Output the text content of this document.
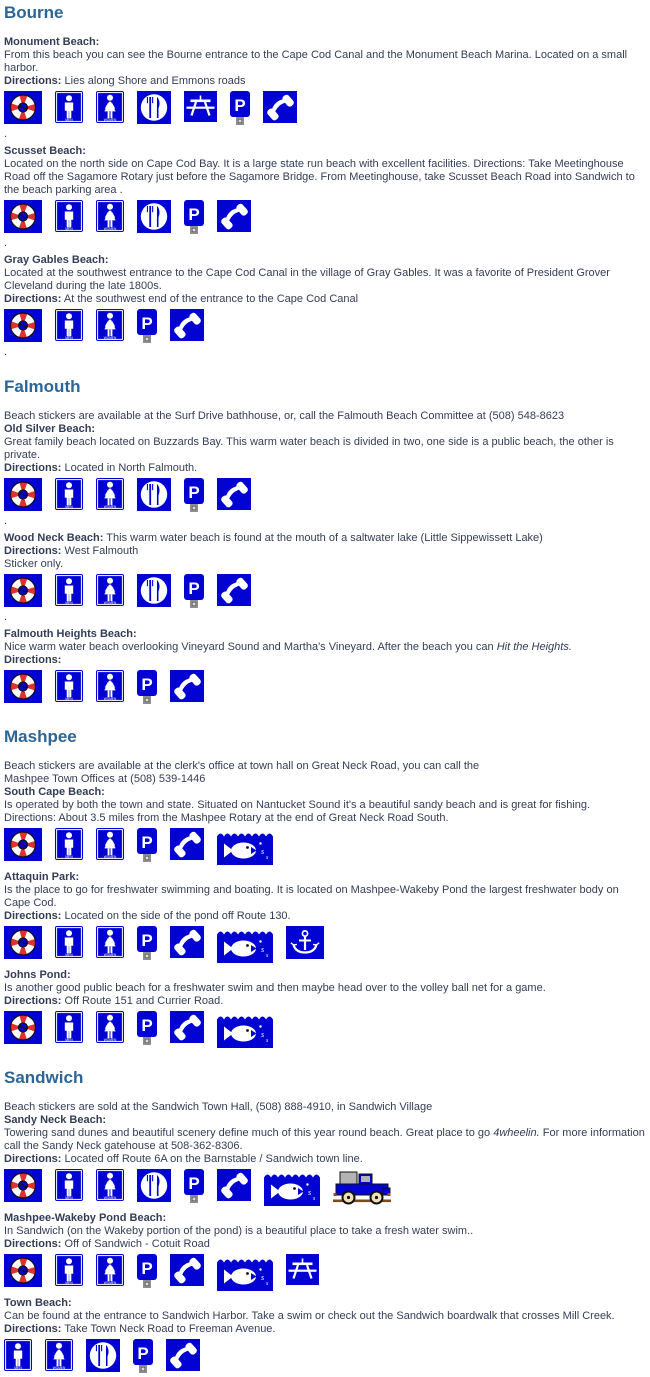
Bourne

Monument Beach:

From this beach you can see the Bourne entrance to the Cape Cod Canal and the Monument Beach Marina. Located on a small harbor.

Directions: Lies along Shore and Emmons roads

MEN	WOMEN
P

.

Scusset Beach:

Located on the north side on Cape Cod Bay. It is a large state run beach with excellent facilities. Directions: Take Meetinghouse Road off the Sagamore Rotary just before the Sagamore Bridge. From Meetinghouse, take Scusset Beach Road into Sandwich to the beach parking area .

MEN	WOMEN
P

.

Gray Gables Beach:

Located at the southwest entrance to the Cape Cod Canal in the village of Gray Gables. It was a favorite of President Grover Cleveland during the late 1800s.

Directions: At the southwest end of the entrance to the Cape Cod Canal

MEN	WOMEN
P

.

Falmouth

Beach stickers are available at the Surf Drive bathhouse, or, call the Falmouth Beach Committee at (508) 548-8623

Old Silver Beach:

Great family beach located on Buzzards Bay. This warm water beach is divided in two, one side is a public beach, the other is private.

Directions: Located in North Falmouth.

MEN	WOMEN
P

.

Wood Neck Beach: This warm water beach is found at the mouth of a saltwater lake (Little Sippewissett Lake)

Directions: West Falmouth

Sticker only.

MEN	WOMEN
P

.

Falmouth Heights Beach:

Nice warm water beach overlooking Vineyard Sound and Martha's Vineyard. After the beach you can Hit the Heights.

Directions:

MEN	WOMEN
P
Mashpee

Beach stickers are available at the clerk's office at town hall on Great Neck Road, you can call the

Mashpee Town Offices at (508) 539-1446

South Cape Beach:

Is operated by both the town and state. Situated on Nantucket Sound it's a beautiful sandy beach and is great for fishing.

Directions: About 3.5 miles from the Mashpee Rotary at the end of Great Neck Road South.

MEN	WOMEN
P	s
s

Attaquin Park:

Is the place to go for freshwater swimming and boating. It is located on Mashpee-Wakeby Pond the largest freshwater body on Cape Cod.

Directions: Located on the side of the pond off Route 130.

MEN	WOMEN
P	s
s

Johns Pond:

Is another good public beach for a freshwater swim and then maybe head over to the volley ball net for a game.

Directions: Off Route 151 and Currier Road.

MEN	WOMEN
P	s
s
Sandwich

Beach stickers are sold at the Sandwich Town Hall, (508) 888-4910, in Sandwich Village

Sandy Neck Beach:

Towering sand dunes and beautiful scenery define much of this year round beach. Great place to go 4wheelin. For more information call the Sandy Neck gatehouse at 508-362-8306.

Directions: Located off Route 6A on the Barnstable / Sandwich town line.

MEN	WOMEN
P	s
s

Mashpee-Wakeby Pond Beach:

In Sandwich (on the Wakeby portion of the pond) is a beautiful place to take a fresh water swim..

Directions: Off of Sandwich - Cotuit Road

MEN	WOMEN
P	s
s

Town Beach:

Can be found at the entrance to Sandwich Harbor. Take a swim or check out the Sandwich boardwalk that crosses Mill Creek.

Directions: Take Town Neck Road to Freeman Avenue.

MEN	WOMEN
P
